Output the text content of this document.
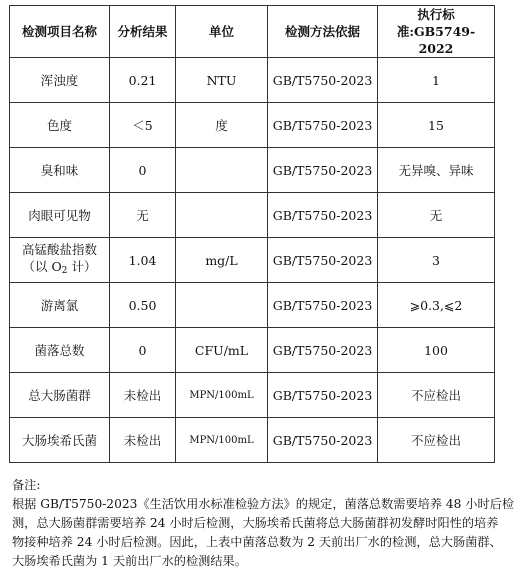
检测项目名称	分析结果	单位	检测方法依据	执行标
准:GB5749-2022

浑浊度	0.21	NTU	GB/T5750-2023	1
色度	＜5	度	GB/T5750-2023	15
臭和味	0		GB/T5750-2023	无异嗅、异味
肉眼可见物	无		GB/T5750-2023	无

高锰酸盐指数
（以 $O_2$ 计）	1.04	mg/L	GB/T5750-2023	3
游离氯	0.50		GB/T5750-2023	⩾0.3,⩽2
菌落总数	0	CFU/mL	GB/T5750-2023	100
总大肠菌群	未检出	MPN/100mL	GB/T5750-2023	不应检出
大肠埃希氏菌	未检出	MPN/100mL	GB/T5750-2023	不应检出

备注:

根据 GB/T5750-2023《生活饮用水标准检验方法》的规定，菌落总数需要培养 48 小时后检

测，总大肠菌群需要培养 24 小时后检测，大肠埃希氏菌将总大肠菌群初发酵时阳性的培养

物接种培养 24 小时后检测。因此，上表中菌落总数为 2 天前出厂水的检测，总大肠菌群、

大肠埃希氏菌为 1 天前出厂水的检测结果。
